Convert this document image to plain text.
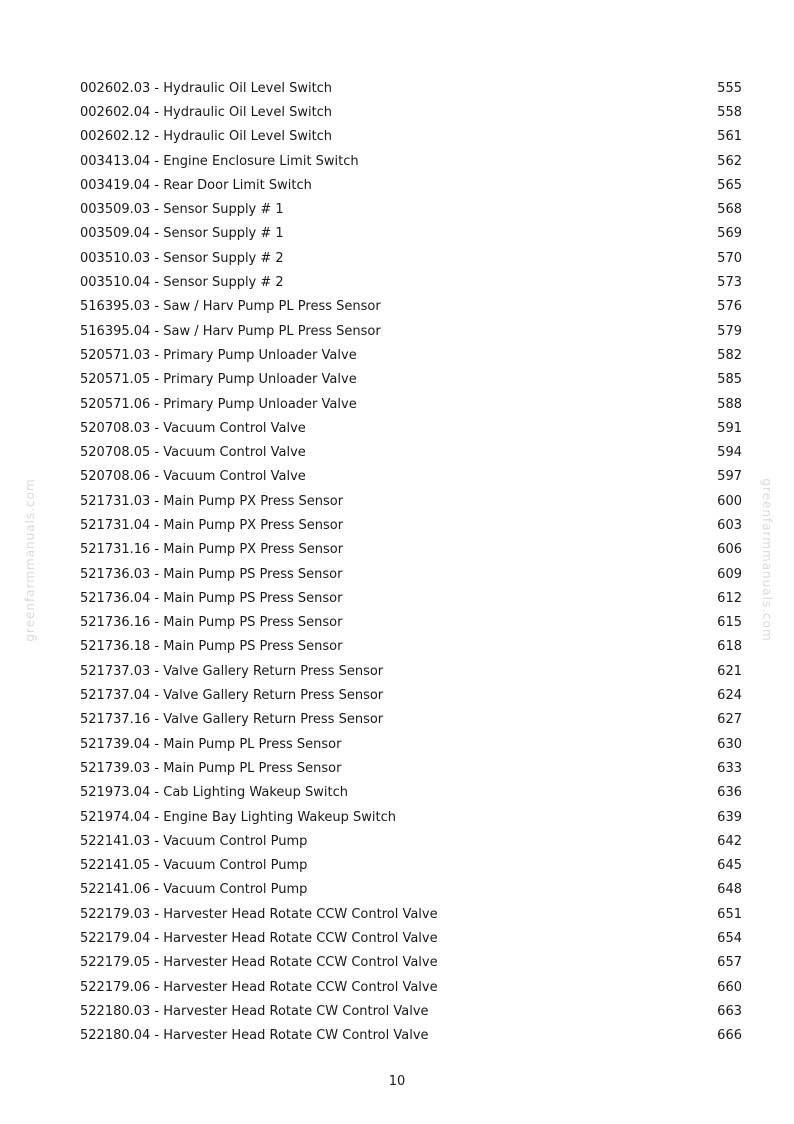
greenfarmmanuals.com	greenfarmmanuals.com
002602.03 - Hydraulic Oil Level Switch	555
002602.04 - Hydraulic Oil Level Switch	558
002602.12 - Hydraulic Oil Level Switch	561
003413.04 - Engine Enclosure Limit Switch	562
003419.04 - Rear Door Limit Switch	565
003509.03 - Sensor Supply # 1	568
003509.04 - Sensor Supply # 1	569
003510.03 - Sensor Supply # 2	570
003510.04 - Sensor Supply # 2	573
516395.03 - Saw / Harv Pump PL Press Sensor	576
516395.04 - Saw / Harv Pump PL Press Sensor	579
520571.03 - Primary Pump Unloader Valve	582
520571.05 - Primary Pump Unloader Valve	585
520571.06 - Primary Pump Unloader Valve	588
520708.03 - Vacuum Control Valve	591
520708.05 - Vacuum Control Valve	594
520708.06 - Vacuum Control Valve	597
521731.03 - Main Pump PX Press Sensor	600
521731.04 - Main Pump PX Press Sensor	603
521731.16 - Main Pump PX Press Sensor	606
521736.03 - Main Pump PS Press Sensor	609
521736.04 - Main Pump PS Press Sensor	612
521736.16 - Main Pump PS Press Sensor	615
521736.18 - Main Pump PS Press Sensor	618
521737.03 - Valve Gallery Return Press Sensor	621
521737.04 - Valve Gallery Return Press Sensor	624
521737.16 - Valve Gallery Return Press Sensor	627
521739.04 - Main Pump PL Press Sensor	630
521739.03 - Main Pump PL Press Sensor	633
521973.04 - Cab Lighting Wakeup Switch	636
521974.04 - Engine Bay Lighting Wakeup Switch	639
522141.03 - Vacuum Control Pump	642
522141.05 - Vacuum Control Pump	645
522141.06 - Vacuum Control Pump	648
522179.03 - Harvester Head Rotate CCW Control Valve	651
522179.04 - Harvester Head Rotate CCW Control Valve	654
522179.05 - Harvester Head Rotate CCW Control Valve	657
522179.06 - Harvester Head Rotate CCW Control Valve	660
522180.03 - Harvester Head Rotate CW Control Valve	663
522180.04 - Harvester Head Rotate CW Control Valve	666
10
